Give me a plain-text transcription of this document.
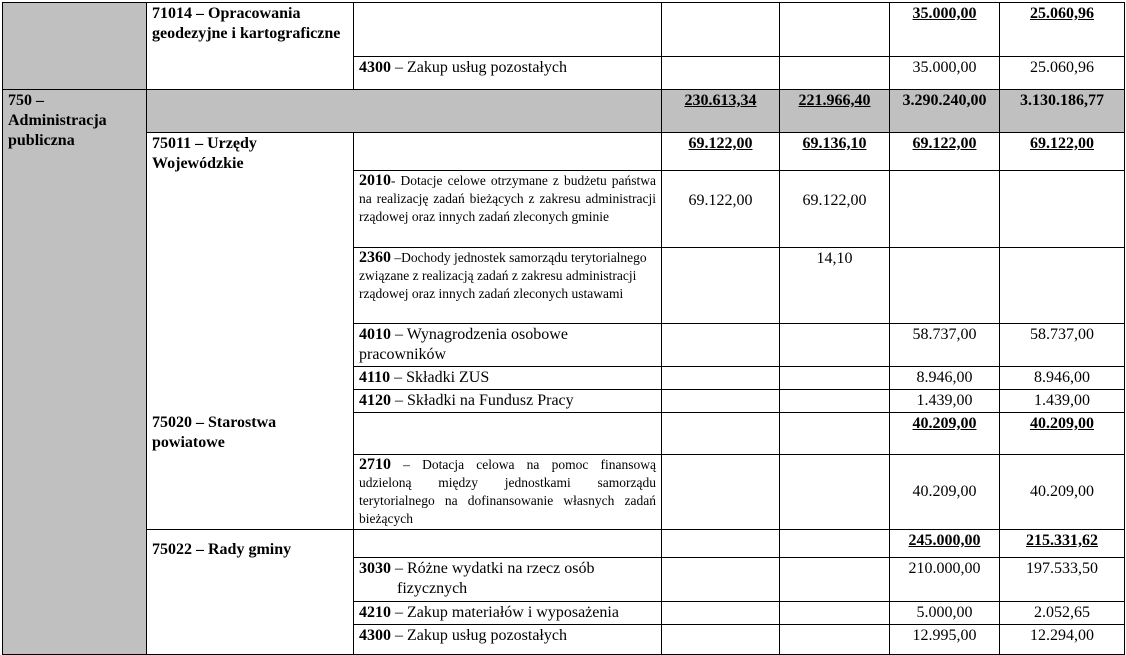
	71014 – Opracowania geodezyjne i kartograficzne				35.000,00	25.060,96
		4300 – Zakup usług pozostałych			35.000,00	25.060,96
750 – Administracja publiczna			230.613,34	221.966,40	3.290.240,00	3.130.186,77
	75011 – Urzędy Wojewódzkie		69.122,00	69.136,10	69.122,00	69.122,00
		2010- Dotacje celowe otrzymane z budżetu państwa na realizację zadań bieżących z zakresu administracji rządowej oraz innych zadań zleconych gminie	69.122,00	69.122,00		
		2360 –Dochody jednostek samorządu terytorialnego związane z realizacją zadań z zakresu administracji rządowej oraz innych zadań zleconych ustawami		14,10		
		4010 – Wynagrodzenia osobowe pracowników			58.737,00	58.737,00
		4110 – Składki ZUS			8.946,00	8.946,00
		4120 – Składki na Fundusz Pracy			1.439,00	1.439,00
	75020 – Starostwa powiatowe				40.209,00	40.209,00
		2710 – Dotacja celowa na pomoc finansową udzieloną między jednostkami samorządu terytorialnego na dofinansowanie własnych zadań bieżących			40.209,00	40.209,00
	75022 – Rady gminy				245.000,00	215.331,62
		3030 – Różne wydatki na rzecz osób
fizycznych			210.000,00	197.533,50
		4210 – Zakup materiałów i wyposażenia			5.000,00	2.052,65
		4300 – Zakup usług pozostałych			12.995,00	12.294,00
